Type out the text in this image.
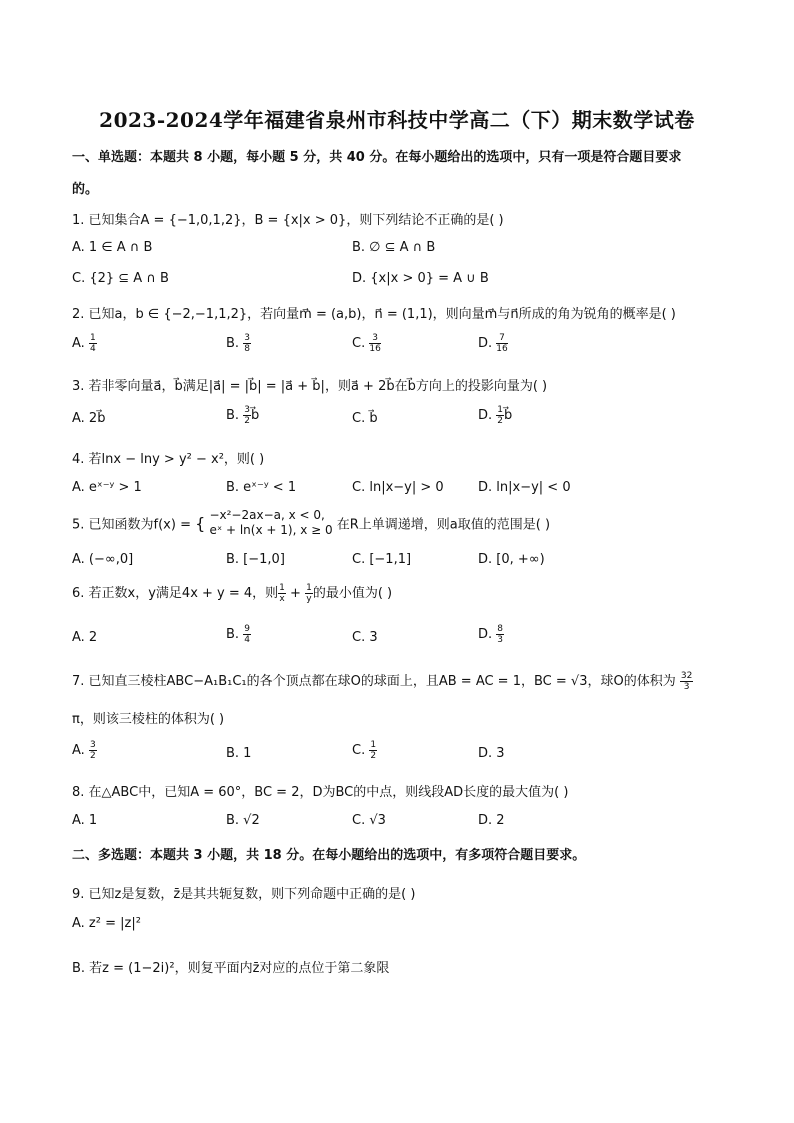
2023-2024学年福建省泉州市科技中学高二（下）期末数学试卷
一、单选题：本题共 8 小题，每小题 5 分，共 40 分。在每小题给出的选项中，只有一项是符合题目要求
的。
1. 已知集合A = {−1,0,1,2}，B = {x|x > 0}，则下列结论不正确的是( )
A. 1 ∈ A ∩ B	B. ∅ ⊆ A ∩ B
C. {2} ⊆ A ∩ B	D. {x|x > 0} = A ∪ B
2. 已知a，b ∈ {−2,−1,1,2}，若向量m⃗ = (a,b)，n⃗ = (1,1)，则向量m⃗与n⃗所成的角为锐角的概率是( )
A. $\frac{1}{4}$	B. $\frac{3}{8}$	C. $\frac{3}{16}$	D. $\frac{7}{16}$
3. 若非零向量a⃗，b⃗满足|a⃗| = |b⃗| = |a⃗ + b⃗|，则a⃗ + 2b⃗在b⃗方向上的投影向量为( )
A. 2b⃗	B. $\frac{3}{2}$ b⃗	C. b⃗	D. $\frac{1}{2}$ b⃗
4. 若lnx − lny > y² − x²，则( )
A. eˣ⁻ʸ > 1	B. eˣ⁻ʸ < 1	C. ln|x−y| > 0	D. ln|x−y| < 0
5. 已知函数为f(x) = { −x²−2ax−a, x < 0,
eˣ + ln(x + 1), x ≥ 0 在R上单调递增，则a取值的范围是( )
A. (−∞,0]	B. [−1,0]	C. [−1,1]	D. [0, +∞)
6. 若正数x，y满足4x + y = 4，则 $\frac{1}{x} + \frac{1}{y}$ 的最小值为( )
A. 2	B. $\frac{9}{4}$	C. 3	D. $\frac{8}{3}$
7. 已知直三棱柱ABC−A₁B₁C₁的各个顶点都在球O的球面上，且AB = AC = 1，BC = √3，球O的体积为 $\frac{32}{3}$
π，则该三棱柱的体积为( )
A. $\frac{3}{2}$	B. 1	C. $\frac{1}{2}$	D. 3
8. 在△ABC中，已知A = 60°，BC = 2，D为BC的中点，则线段AD长度的最大值为( )
A. 1	B. √2	C. √3	D. 2
二、多选题：本题共 3 小题，共 18 分。在每小题给出的选项中，有多项符合题目要求。
9. 已知z是复数，z̄是其共轭复数，则下列命题中正确的是( )
A. z² = |z|²
B. 若z = (1−2i)²，则复平面内z̄对应的点位于第二象限
